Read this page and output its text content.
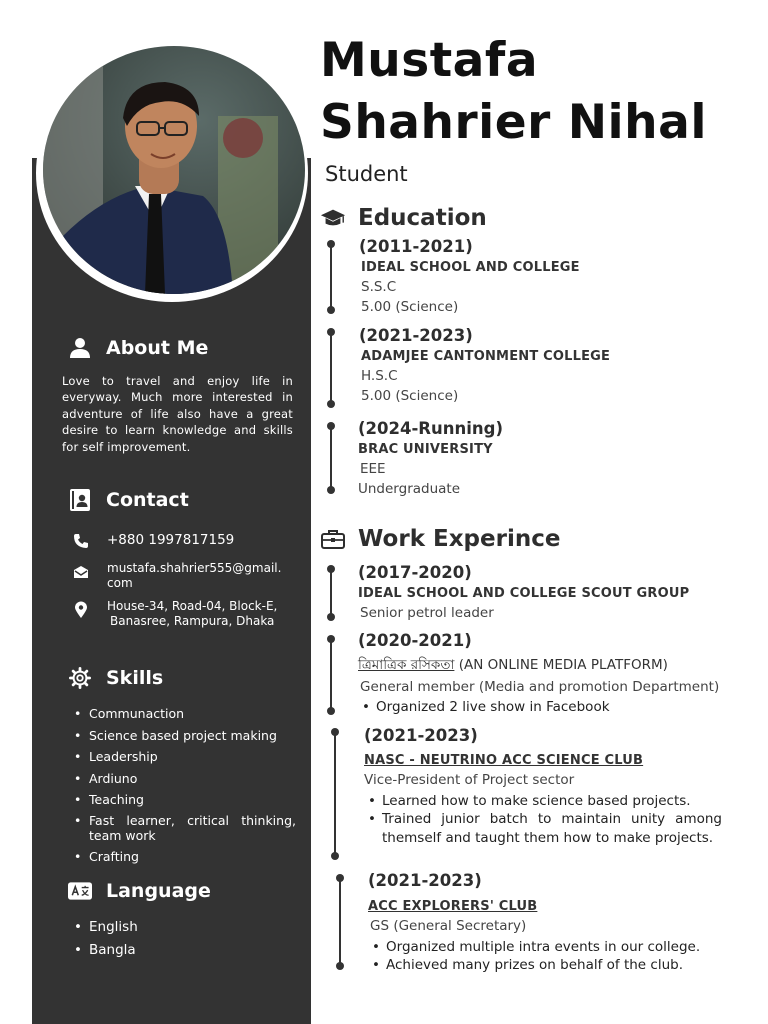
About Me
Love to travel and enjoy life in everyway. Much more interested in adventure of life also have a great desire to learn knowledge and skills for self improvement.
Contact
+880 1997817159
mustafa.shahrier555@gmail.
com
House-34, Road-04, Block-E,
Banasree, Rampura, Dhaka
Skills
• Communaction
• Science based project making
• Leadership
• Ardiuno
• Teaching
• Fast learner, critical thinking, team work
• Crafting
Language
• English
• Bangla
Mustafa
Shahrier Nihal
Student
Education
(2011-2021)
IDEAL SCHOOL AND COLLEGE
S.S.C
5.00 (Science)
(2021-2023)
ADAMJEE CANTONMENT COLLEGE
H.S.C
5.00 (Science)
(2024-Running)
BRAC UNIVERSITY
EEE
Undergraduate
Work Experince
(2017-2020)
IDEAL SCHOOL AND COLLEGE SCOUT GROUP
Senior petrol leader
(2020-2021)
ত্রিমাত্রিক রসিকতা (AN ONLINE MEDIA PLATFORM)
General member (Media and promotion Department)
• Organized 2 live show in Facebook
(2021-2023)
NASC - NEUTRINO ACC SCIENCE CLUB
Vice-President of Project sector
• Learned how to make science based projects.
• Trained junior batch to maintain unity among themself and taught them how to make projects.
(2021-2023)
ACC EXPLORERS' CLUB
GS (General Secretary)
• Organized multiple intra events in our college.
• Achieved many prizes on behalf of the club.
